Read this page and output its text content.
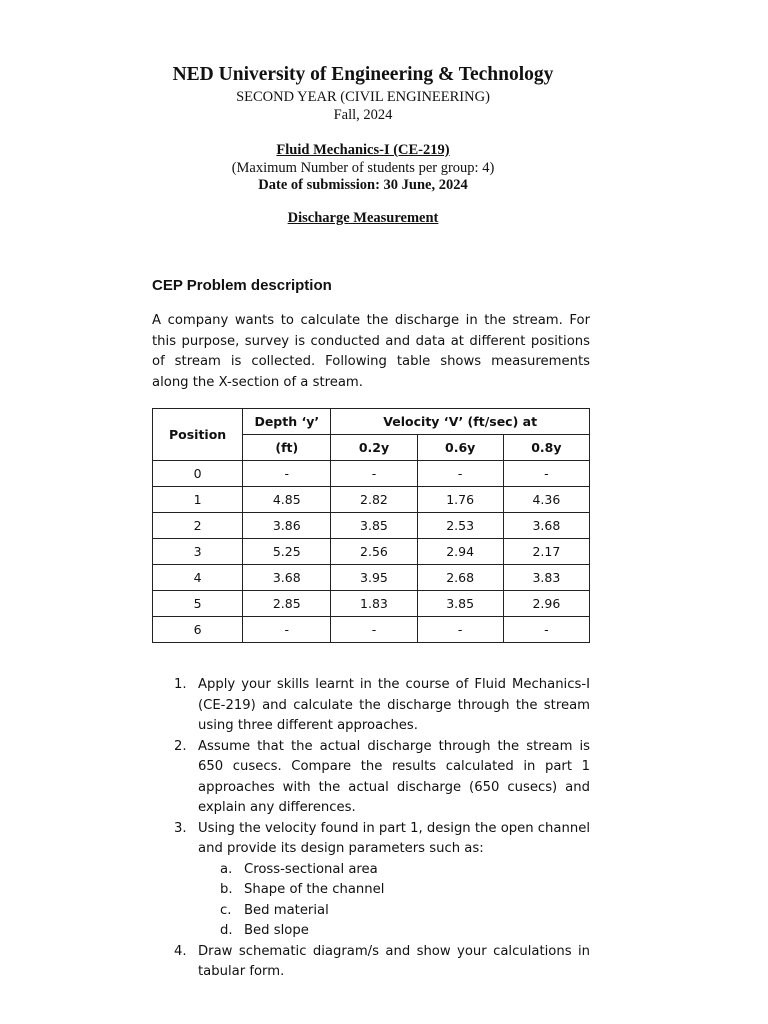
NED University of Engineering & Technology
SECOND YEAR (CIVIL ENGINEERING)
Fall, 2024
Fluid Mechanics-I (CE-219)
(Maximum Number of students per group: 4)
Date of submission: 30 June, 2024
Discharge Measurement
CEP Problem description

A company wants to calculate the discharge in the stream. For this purpose, survey is conducted and data at different positions of stream is collected. Following table shows measurements along the X-section of a stream.

Position	Depth ‘y’	Velocity ‘V’ (ft/sec) at		
	(ft)	0.2y	0.6y	0.8y
0	-	-	-	-
1	4.85	2.82	1.76	4.36
2	3.86	3.85	2.53	3.68
3	5.25	2.56	2.94	2.17
4	3.68	3.95	2.68	3.83
5	2.85	1.83	3.85	2.96
6	-	-	-	-
1. Apply your skills learnt in the course of Fluid Mechanics-I (CE-219) and calculate the discharge through the stream using three different approaches.
2. Assume that the actual discharge through the stream is 650 cusecs. Compare the results calculated in part 1 approaches with the actual discharge (650 cusecs) and explain any differences.
3. Using the velocity found in part 1, design the open channel and provide its design parameters such as:
a. Cross-sectional area
b. Shape of the channel
c. Bed material
d. Bed slope
4. Draw schematic diagram/s and show your calculations in tabular form.
